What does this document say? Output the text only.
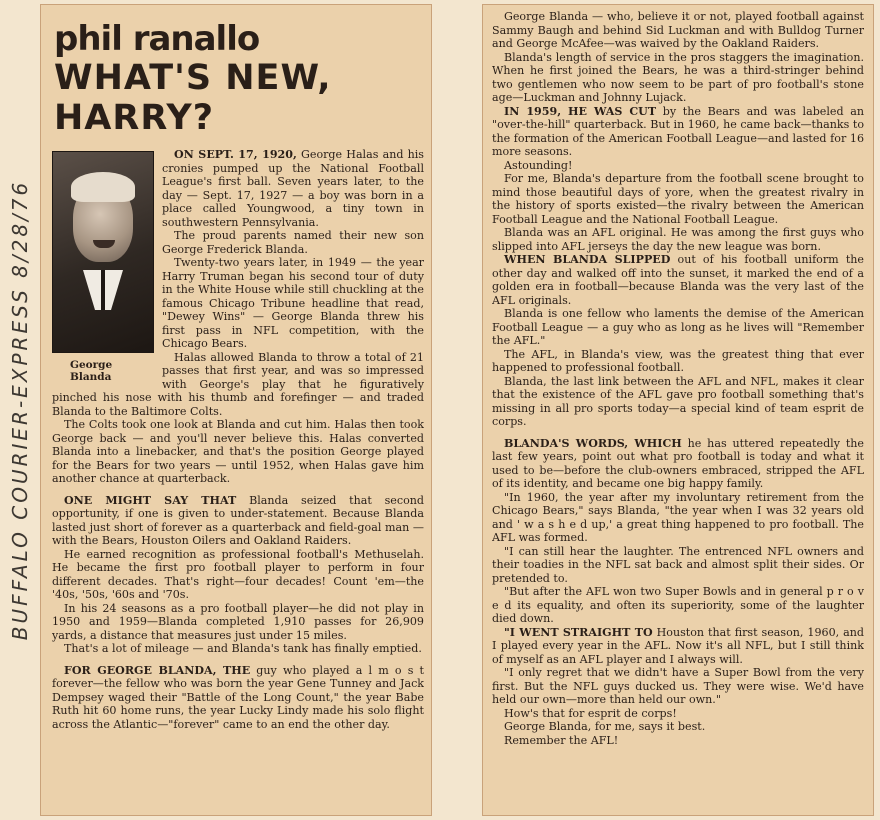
BUFFALO COURIER-EXPRESS 8/28/76
phil ranallo
WHAT'S NEW, HARRY?
George Blanda

ON SEPT. 17, 1920, George Halas and his cronies pumped up the National Football League's first ball. Seven years later, to the day — Sept. 17, 1927 — a boy was born in a place called Youngwood, a tiny town in southwestern Pennsylvania.

The proud parents named their new son George Frederick Blanda.

Twenty-two years later, in 1949 — the year Harry Truman began his second tour of duty in the White House while still chuckling at the famous Chicago Tribune headline that read, "Dewey Wins" — George Blanda threw his first pass in NFL competition, with the Chicago Bears.

Halas allowed Blanda to throw a total of 21 passes that first year, and was so impressed with George's play that he figuratively pinched his nose with his thumb and forefinger — and traded Blanda to the Baltimore Colts.

The Colts took one look at Blanda and cut him. Halas then took George back — and you'll never believe this. Halas converted Blanda into a linebacker, and that's the position George played for the Bears for two years — until 1952, when Halas gave him another chance at quarterback.

ONE MIGHT SAY THAT Blanda seized that second opportunity, if one is given to under-statement. Because Blanda lasted just short of forever as a quarterback and field-goal man —with the Bears, Houston Oilers and Oakland Raiders.

He earned recognition as professional football's Methuselah. He became the first pro football player to perform in four different decades. That's right—four decades! Count 'em—the '40s, '50s, '60s and '70s.

In his 24 seasons as a pro football player—he did not play in 1950 and 1959—Blanda completed 1,910 passes for 26,909 yards, a distance that measures just under 15 miles.

That's a lot of mileage — and Blanda's tank has finally emptied.

FOR GEORGE BLANDA, THE guy who played a l m o s t forever—the fellow who was born the year Gene Tunney and Jack Dempsey waged their "Battle of the Long Count," the year Babe Ruth hit 60 home runs, the year Lucky Lindy made his solo flight across the Atlantic—"forever" came to an end the other day.

George Blanda — who, believe it or not, played football against Sammy Baugh and behind Sid Luckman and with Bulldog Turner and George McAfee—was waived by the Oakland Raiders.

Blanda's length of service in the pros staggers the imagination. When he first joined the Bears, he was a third-stringer behind two gentlemen who now seem to be part of pro football's stone age—Luckman and Johnny Lujack.

IN 1959, HE WAS CUT by the Bears and was labeled an "over-the-hill" quarterback. But in 1960, he came back—thanks to the formation of the American Football League—and lasted for 16 more seasons.

Astounding!

For me, Blanda's departure from the football scene brought to mind those beautiful days of yore, when the greatest rivalry in the history of sports existed—the rivalry between the American Football League and the National Football League.

Blanda was an AFL original. He was among the first guys who slipped into AFL jerseys the day the new league was born.

WHEN BLANDA SLIPPED out of his football uniform the other day and walked off into the sunset, it marked the end of a golden era in football—because Blanda was the very last of the AFL originals.

Blanda is one fellow who laments the demise of the American Football League — a guy who as long as he lives will "Remember the AFL."

The AFL, in Blanda's view, was the greatest thing that ever happened to professional football.

Blanda, the last link between the AFL and NFL, makes it clear that the existence of the AFL gave pro football something that's missing in all pro sports today—a special kind of team esprit de corps.

BLANDA'S WORDS, WHICH he has uttered repeatedly the last few years, point out what pro football is today and what it used to be—before the club-owners embraced, stripped the AFL of its identity, and became one big happy family.

"In 1960, the year after my involuntary retirement from the Chicago Bears," says Blanda, "the year when I was 32 years old and ' w a s h e d up,' a great thing happened to pro football. The AFL was formed.

"I can still hear the laughter. The entrenced NFL owners and their toadies in the NFL sat back and almost split their sides. Or pretended to.

"But after the AFL won two Super Bowls and in general p r o v e d its equality, and often its superiority, some of the laughter died down.

"I WENT STRAIGHT TO Houston that first season, 1960, and I played every year in the AFL. Now it's all NFL, but I still think of myself as an AFL player and I always will.

"I only regret that we didn't have a Super Bowl from the very first. But the NFL guys ducked us. They were wise. We'd have held our own—more than held our own."

How's that for esprit de corps!

George Blanda, for me, says it best.

Remember the AFL!
